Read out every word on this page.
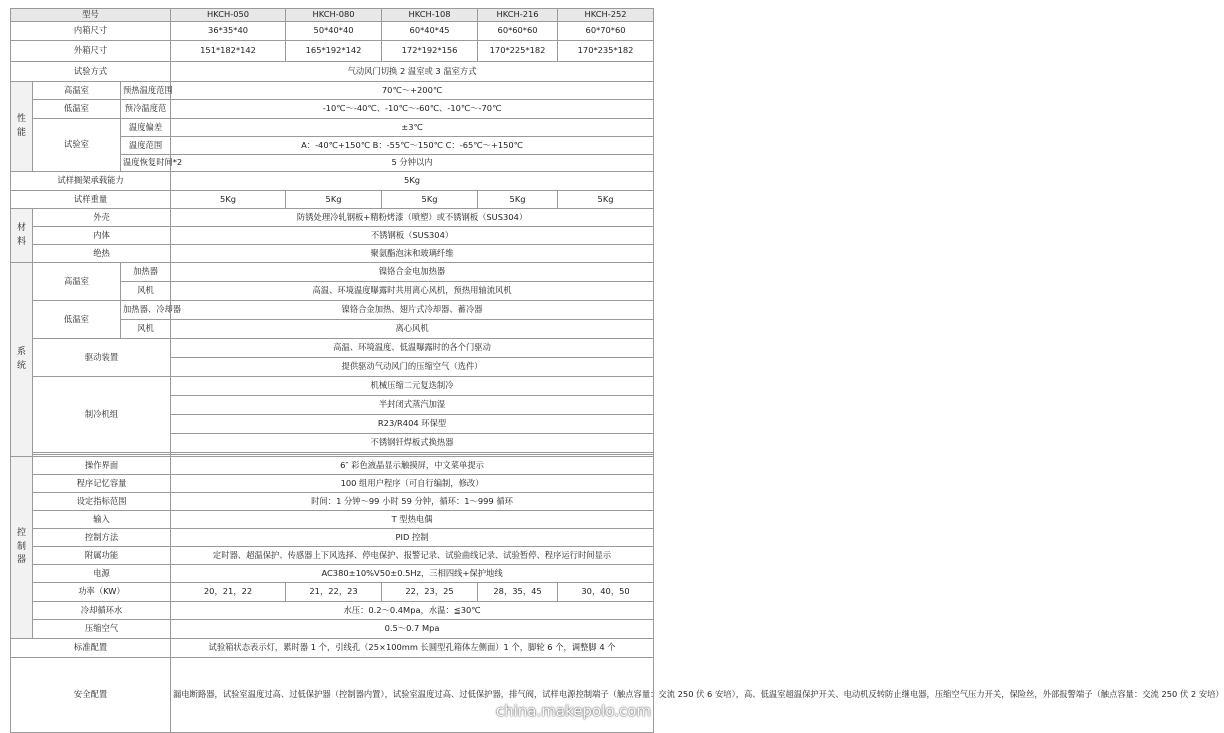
型号			HKCH-050	HKCH-080	HKCH-108	HKCH-216	HKCH-252
内箱尺寸			36*35*40	50*40*40	60*40*45	60*60*60	60*70*60
外箱尺寸			151*182*142	165*192*142	172*192*156	170*225*182	170*235*182
试验方式			气动风门切换 2 温室或 3 温室方式				

性
能	高温室	预热温度范围	70℃～+200℃				
	低温室	预冷温度范	-10℃～-40℃、-10℃～-60℃、-10℃～-70℃				
	试验室	温度偏差	±3℃				
		温度范围	A：-40℃+150℃ B：-55℃～150℃ C：-65℃～+150℃				
		温度恢复时间*2	5 分钟以内				
试样搁架承载能力			5Kg				
试样重量			5Kg	5Kg	5Kg	5Kg	5Kg

材
料	外壳		防锈处理冷轧钢板+精粉烤漆（喷塑）或不锈钢板（SUS304）				
	内体		不锈钢板（SUS304）				
	绝热		聚氨酯泡沫和玻璃纤维				

系
统	高温室	加热器	镍铬合金电加热器				
		风机	高温、环境温度曝露时共用离心风机，预热用轴流风机				
	低温室	加热器、冷却器	镍铬合金加热、翅片式冷却器、蓄冷器				
		风机	离心风机				
	驱动装置		高温、环境温度、低温曝露时的各个门驱动				
			提供驱动气动风门的压缩空气（选件）				
	制冷机组		机械压缩二元复迭制冷				
			半封闭式蒸汽加湿				
			R23/R404 环保型				
			不锈钢钎焊板式换热器				

控
制
器	操作界面		6″ 彩色液晶显示触摸屏，中文菜单提示				
	程序记忆容量		100 组用户程序（可自行编制，修改）				
	设定指标范围		时间：1 分钟～99 小时 59 分钟，循环：1～999 循环				
	输入		T 型热电偶				
	控制方法		PID 控制				
	附属功能		定时器、超温保护、传感器上下风选择、停电保护、报警记录、试验曲线记录、试验暂停、程序运行时间显示				
	电源		AC380±10%V50±0.5Hz，三相四线+保护地线				
	功率（KW）		20，21，22	21，22，23	22，23，25	28，35，45	30，40，50
	冷却循环水		水压：0.2～0.4Mpa，水温：≦30℃				
	压缩空气		0.5～0.7 Mpa				
标准配置			试验箱状态表示灯，累时器 1 个，引线孔（25×100mm 长圆型孔箱体左侧面）1 个，脚轮 6 个，调整脚 4 个				
安全配置			漏电断路器，试验室温度过高、过低保护器（控制器内置），试验室温度过高、过低保护器，排气阀，试样电源控制端子（触点容量：交流 250 伏 6 安培），高、低温室超温保护开关、电动机反转防止继电器，压缩空气压力开关，保险丝，外部报警端子（触点容量：交流 250 伏 2 安培）				
china.makepolo.com
